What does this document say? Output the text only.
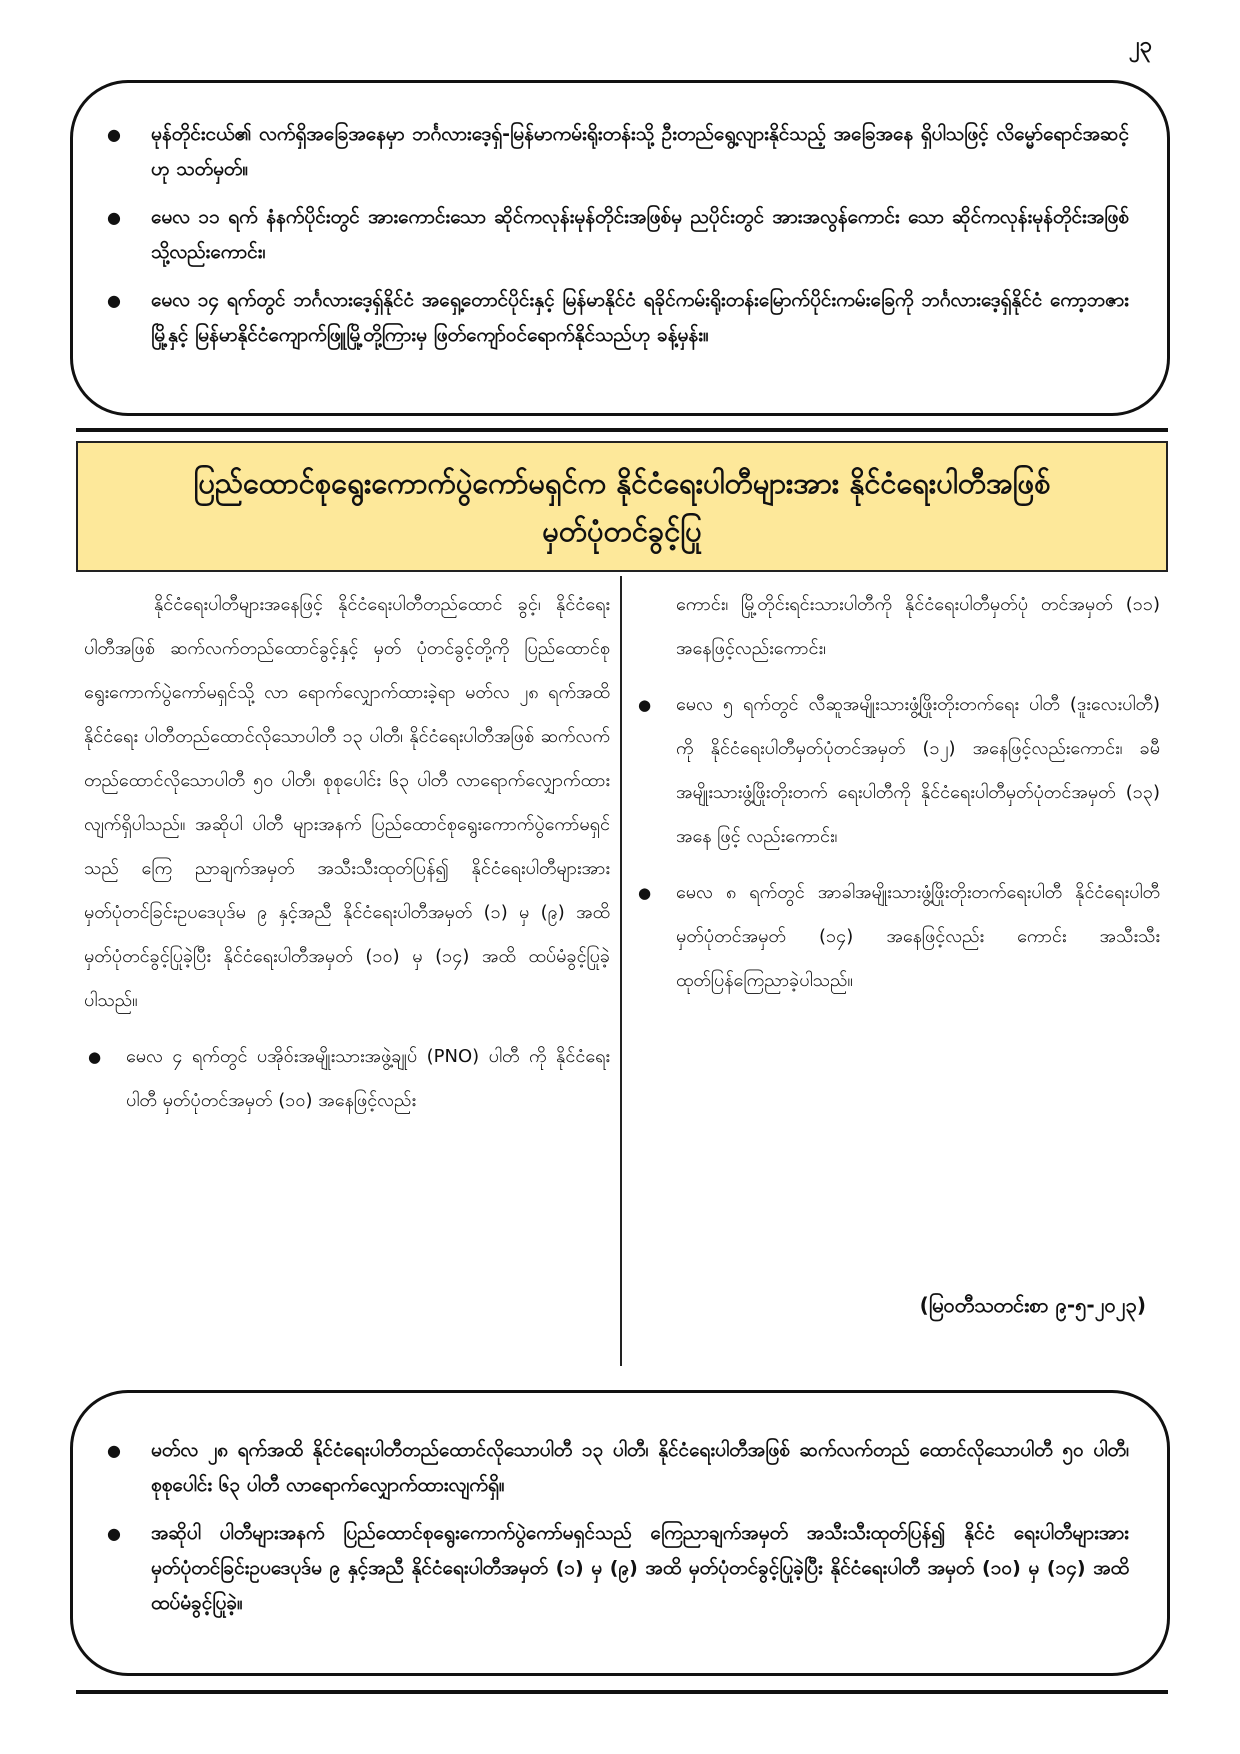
၂၃
● မုန်တိုင်းငယ်၏ လက်ရှိအခြေအနေမှာ ဘင်္ဂလားဒေ့ရှ်-မြန်မာကမ်းရိုးတန်းသို့ ဦးတည်ရွေ့လျားနိုင်သည့် အခြေအနေ ရှိပါသဖြင့် လိမ္မော်ရောင်အဆင့်ဟု သတ်မှတ်။
● မေလ ၁၁ ရက် နံနက်ပိုင်းတွင် အားကောင်းသော ဆိုင်ကလုန်းမုန်တိုင်းအဖြစ်မှ ညပိုင်းတွင် အားအလွန်ကောင်း သော ဆိုင်ကလုန်းမုန်တိုင်းအဖြစ်သို့လည်းကောင်း၊
● မေလ ၁၄ ရက်တွင် ဘင်္ဂလားဒေ့ရှ်နိုင်ငံ အရှေ့တောင်ပိုင်းနှင့် မြန်မာနိုင်ငံ ရခိုင်ကမ်းရိုးတန်းမြောက်ပိုင်းကမ်းခြေကို ဘင်္ဂလားဒေ့ရှ်နိုင်ငံ ကော့ဘဇားမြို့နှင့် မြန်မာနိုင်ငံကျောက်ဖြူမြို့တို့ကြားမှ ဖြတ်ကျော်ဝင်ရောက်နိုင်သည်ဟု ခန့်မှန်း။
ပြည်ထောင်စုရွေးကောက်ပွဲကော်မရှင်က နိုင်ငံရေးပါတီများအား နိုင်ငံရေးပါတီအဖြစ် မှတ်ပုံတင်ခွင့်ပြု

နိုင်ငံရေးပါတီများအနေဖြင့် နိုင်ငံရေးပါတီတည်ထောင် ခွင့်၊ နိုင်ငံရေးပါတီအဖြစ် ဆက်လက်တည်ထောင်ခွင့်နှင့် မှတ် ပုံတင်ခွင့်တို့ကို ပြည်ထောင်စုရွေးကောက်ပွဲကော်မရှင်သို့ လာ ရောက်လျှောက်ထားခဲ့ရာ မတ်လ ၂၈ ရက်အထိ နိုင်ငံရေး ပါတီတည်ထောင်လိုသောပါတီ ၁၃ ပါတီ၊ နိုင်ငံရေးပါတီအဖြစ် ဆက်လက်တည်ထောင်လိုသောပါတီ ၅၀ ပါတီ၊ စုစုပေါင်း ၆၃ ပါတီ လာရောက်လျှောက်ထားလျက်ရှိပါသည်။ အဆိုပါ ပါတီ များအနက် ပြည်ထောင်စုရွေးကောက်ပွဲကော်မရှင်သည် ကြေ ညာချက်အမှတ် အသီးသီးထုတ်ပြန်၍ နိုင်ငံရေးပါတီများအား မှတ်ပုံတင်ခြင်းဥပဒေပုဒ်မ ၉ နှင့်အညီ နိုင်ငံရေးပါတီအမှတ် (၁) မှ (၉) အထိ မှတ်ပုံတင်ခွင့်ပြုခဲ့ပြီး နိုင်ငံရေးပါတီအမှတ် (၁၀) မှ (၁၄) အထိ ထပ်မံခွင့်ပြုခဲ့ပါသည်။

● မေလ ၄ ရက်တွင် ပအိုဝ်းအမျိုးသားအဖွဲ့ချုပ် (PNO) ပါတီ ကို နိုင်ငံရေးပါတီ မှတ်ပုံတင်အမှတ် (၁၀) အနေဖြင့်လည်း

ကောင်း၊ မြို့တိုင်းရင်းသားပါတီကို နိုင်ငံရေးပါတီမှတ်ပုံ တင်အမှတ် (၁၁) အနေဖြင့်လည်းကောင်း၊

● မေလ ၅ ရက်တွင် လီဆူအမျိုးသားဖွံ့ဖြိုးတိုးတက်ရေး ပါတီ (ဒူးလေးပါတီ) ကို နိုင်ငံရေးပါတီမှတ်ပုံတင်အမှတ် (၁၂) အနေဖြင့်လည်းကောင်း၊ ခမီအမျိုးသားဖွံ့ဖြိုးတိုးတက် ရေးပါတီကို နိုင်ငံရေးပါတီမှတ်ပုံတင်အမှတ် (၁၃) အနေ ဖြင့် လည်းကောင်း၊
● မေလ ၈ ရက်တွင် အာခါအမျိုးသားဖွံ့ဖြိုးတိုးတက်ရေးပါတီ နိုင်ငံရေးပါတီမှတ်ပုံတင်အမှတ် (၁၄) အနေဖြင့်လည်း ကောင်း အသီးသီးထုတ်ပြန်ကြေညာခဲ့ပါသည်။
(မြဝတီသတင်းစာ ၉-၅-၂၀၂၃)
● မတ်လ ၂၈ ရက်အထိ နိုင်ငံရေးပါတီတည်ထောင်လိုသောပါတီ ၁၃ ပါတီ၊ နိုင်ငံရေးပါတီအဖြစ် ဆက်လက်တည် ထောင်လိုသောပါတီ ၅၀ ပါတီ၊ စုစုပေါင်း ၆၃ ပါတီ လာရောက်လျှောက်ထားလျက်ရှိ။
● အဆိုပါ ပါတီများအနက် ပြည်ထောင်စုရွေးကောက်ပွဲကော်မရှင်သည် ကြေညာချက်အမှတ် အသီးသီးထုတ်ပြန်၍ နိုင်ငံ ရေးပါတီများအား မှတ်ပုံတင်ခြင်းဥပဒေပုဒ်မ ၉ နှင့်အညီ နိုင်ငံရေးပါတီအမှတ် (၁) မှ (၉) အထိ မှတ်ပုံတင်ခွင့်ပြုခဲ့ပြီး နိုင်ငံရေးပါတီ အမှတ် (၁၀) မှ (၁၄) အထိ ထပ်မံခွင့်ပြုခဲ့။
